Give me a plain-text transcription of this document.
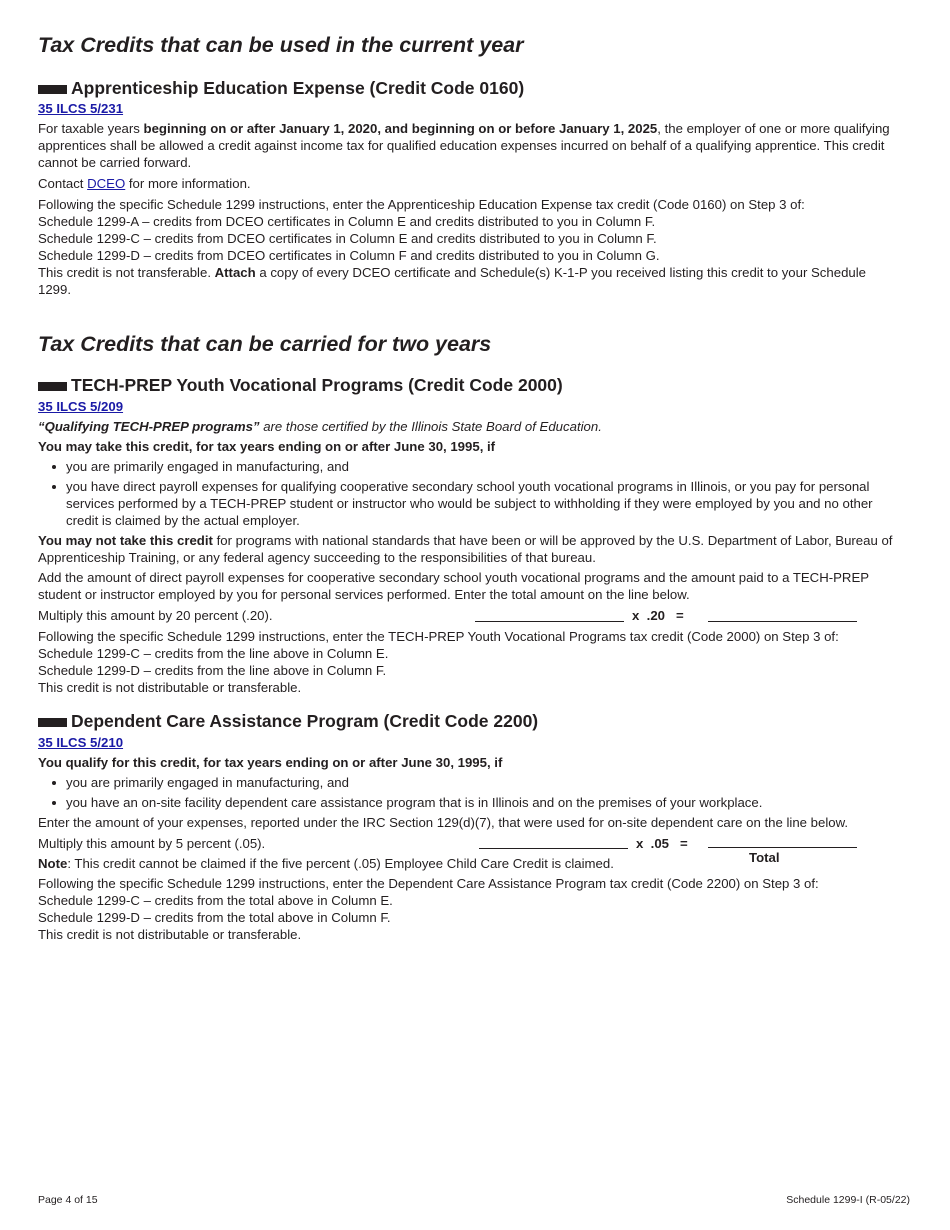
Tax Credits that can be used in the current year
Apprenticeship Education Expense (Credit Code 0160)
35 ILCS 5/231

For taxable years beginning on or after January 1, 2020, and beginning on or before January 1, 2025, the employer of one or more qualifying apprentices shall be allowed a credit against income tax for qualified education expenses incurred on behalf of a qualifying apprentice. This credit cannot be carried forward.

Contact DCEO for more information.

Following the specific Schedule 1299 instructions, enter the Apprenticeship Education Expense tax credit (Code 0160) on Step 3 of:

Schedule 1299-A – credits from DCEO certificates in Column E and credits distributed to you in Column F.

Schedule 1299-C – credits from DCEO certificates in Column E and credits distributed to you in Column F.

Schedule 1299-D – credits from DCEO certificates in Column F and credits distributed to you in Column G.

This credit is not transferable. Attach a copy of every DCEO certificate and Schedule(s) K-1-P you received listing this credit to your Schedule 1299.

Tax Credits that can be carried for two years
TECH-PREP Youth Vocational Programs (Credit Code 2000)
35 ILCS 5/209

“Qualifying TECH-PREP programs” are those certified by the Illinois State Board of Education.

You may take this credit, for tax years ending on or after June 30, 1995, if

you are primarily engaged in manufacturing, and
you have direct payroll expenses for qualifying cooperative secondary school youth vocational programs in Illinois, or you pay for personal services performed by a TECH-PREP student or instructor who would be subject to withholding if they were employed by you and no other credit is claimed by the actual employer.

You may not take this credit for programs with national standards that have been or will be approved by the U.S. Department of Labor, Bureau of Apprenticeship Training, or any federal agency succeeding to the responsibilities of that bureau.

Add the amount of direct payroll expenses for cooperative secondary school youth vocational programs and the amount paid to a TECH-PREP student or instructor employed by you for personal services performed. Enter the total amount on the line below.

Multiply this amount by 20 percent (.20).	x  .20   =

Following the specific Schedule 1299 instructions, enter the TECH-PREP Youth Vocational Programs tax credit (Code 2000) on Step 3 of:

Schedule 1299-C – credits from the line above in Column E.

Schedule 1299-D – credits from the line above in Column F.

This credit is not distributable or transferable.

Dependent Care Assistance Program (Credit Code 2200)
35 ILCS 5/210

You qualify for this credit, for tax years ending on or after June 30, 1995, if

you are primarily engaged in manufacturing, and
you have an on-site facility dependent care assistance program that is in Illinois and on the premises of your workplace.

Enter the amount of your expenses, reported under the IRC Section 129(d)(7), that were used for on-site dependent care on the line below.

Multiply this amount by 5 percent (.05).	x  .05   =
Total

Note: This credit cannot be claimed if the five percent (.05) Employee Child Care Credit is claimed.

Following the specific Schedule 1299 instructions, enter the Dependent Care Assistance Program tax credit (Code 2200) on Step 3 of:

Schedule 1299-C – credits from the total above in Column E.

Schedule 1299-D – credits from the total above in Column F.

This credit is not distributable or transferable.

Page 4 of 15	Schedule 1299-I (R-05/22)
